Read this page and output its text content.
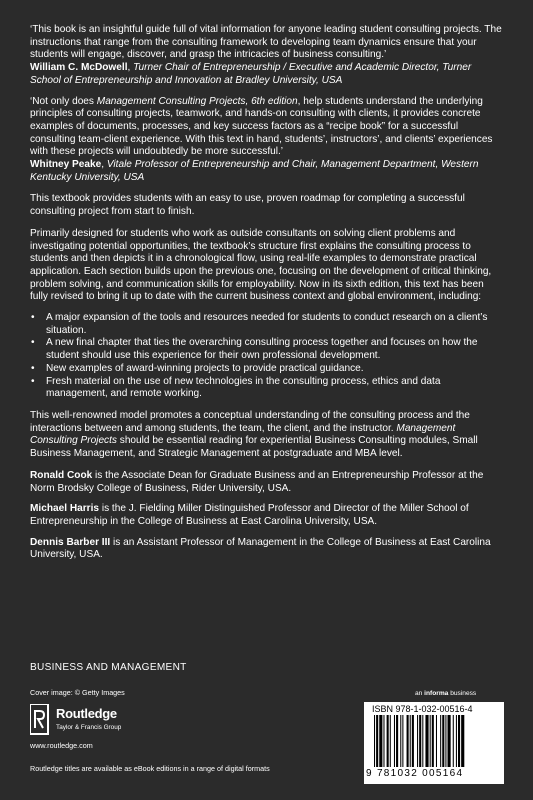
‘This book is an insightful guide full of vital information for anyone leading student consulting projects. The instructions that range from the consulting framework to developing team dynamics ensure that your students will engage, discover, and grasp the intricacies of business consulting.’

William C. McDowell, Turner Chair of Entrepreneurship / Executive and Academic Director, Turner School of Entrepreneurship and Innovation at Bradley University, USA

‘Not only does Management Consulting Projects, 6th edition, help students understand the underlying principles of consulting projects, teamwork, and hands-on consulting with clients, it provides concrete examples of documents, processes, and key success factors as a “recipe book” for a successful consulting team-client experience. With this text in hand, students’, instructors’, and clients’ experiences with these projects will undoubtedly be more successful.’

Whitney Peake, Vitale Professor of Entrepreneurship and Chair, Management Department, Western Kentucky University, USA

This textbook provides students with an easy to use, proven roadmap for completing a successful consulting project from start to finish.

Primarily designed for students who work as outside consultants on solving client problems and investigating potential opportunities, the textbook’s structure first explains the consulting process to students and then depicts it in a chronological flow, using real-life examples to demonstrate practical application. Each section builds upon the previous one, focusing on the development of critical thinking, problem solving, and communication skills for employability. Now in its sixth edition, this text has been fully revised to bring it up to date with the current business context and global environment, including:

• A major expansion of the tools and resources needed for students to conduct research on a client’s situation.
• A new final chapter that ties the overarching consulting process together and focuses on how the student should use this experience for their own professional development.
• New examples of award-winning projects to provide practical guidance.
• Fresh material on the use of new technologies in the consulting process, ethics and data management, and remote working.

This well-renowned model promotes a conceptual understanding of the consulting process and the interactions between and among students, the team, the client, and the instructor. Management Consulting Projects should be essential reading for experiential Business Consulting modules, Small Business Management, and Strategic Management at postgraduate and MBA level.

Ronald Cook is the Associate Dean for Graduate Business and an Entrepreneurship Professor at the Norm Brodsky College of Business, Rider University, USA.

Michael Harris is the J. Fielding Miller Distinguished Professor and Director of the Miller School of Entrepreneurship in the College of Business at East Carolina University, USA.

Dennis Barber III is an Assistant Professor of Management in the College of Business at East Carolina University, USA.

BUSINESS AND MANAGEMENT
Cover image: © Getty Images
Routledge
Taylor & Francis Group
www.routledge.com
Routledge titles are available as eBook editions in a range of digital formats
an informa business
ISBN 978-1-032-00516-4
9 781032 005164
